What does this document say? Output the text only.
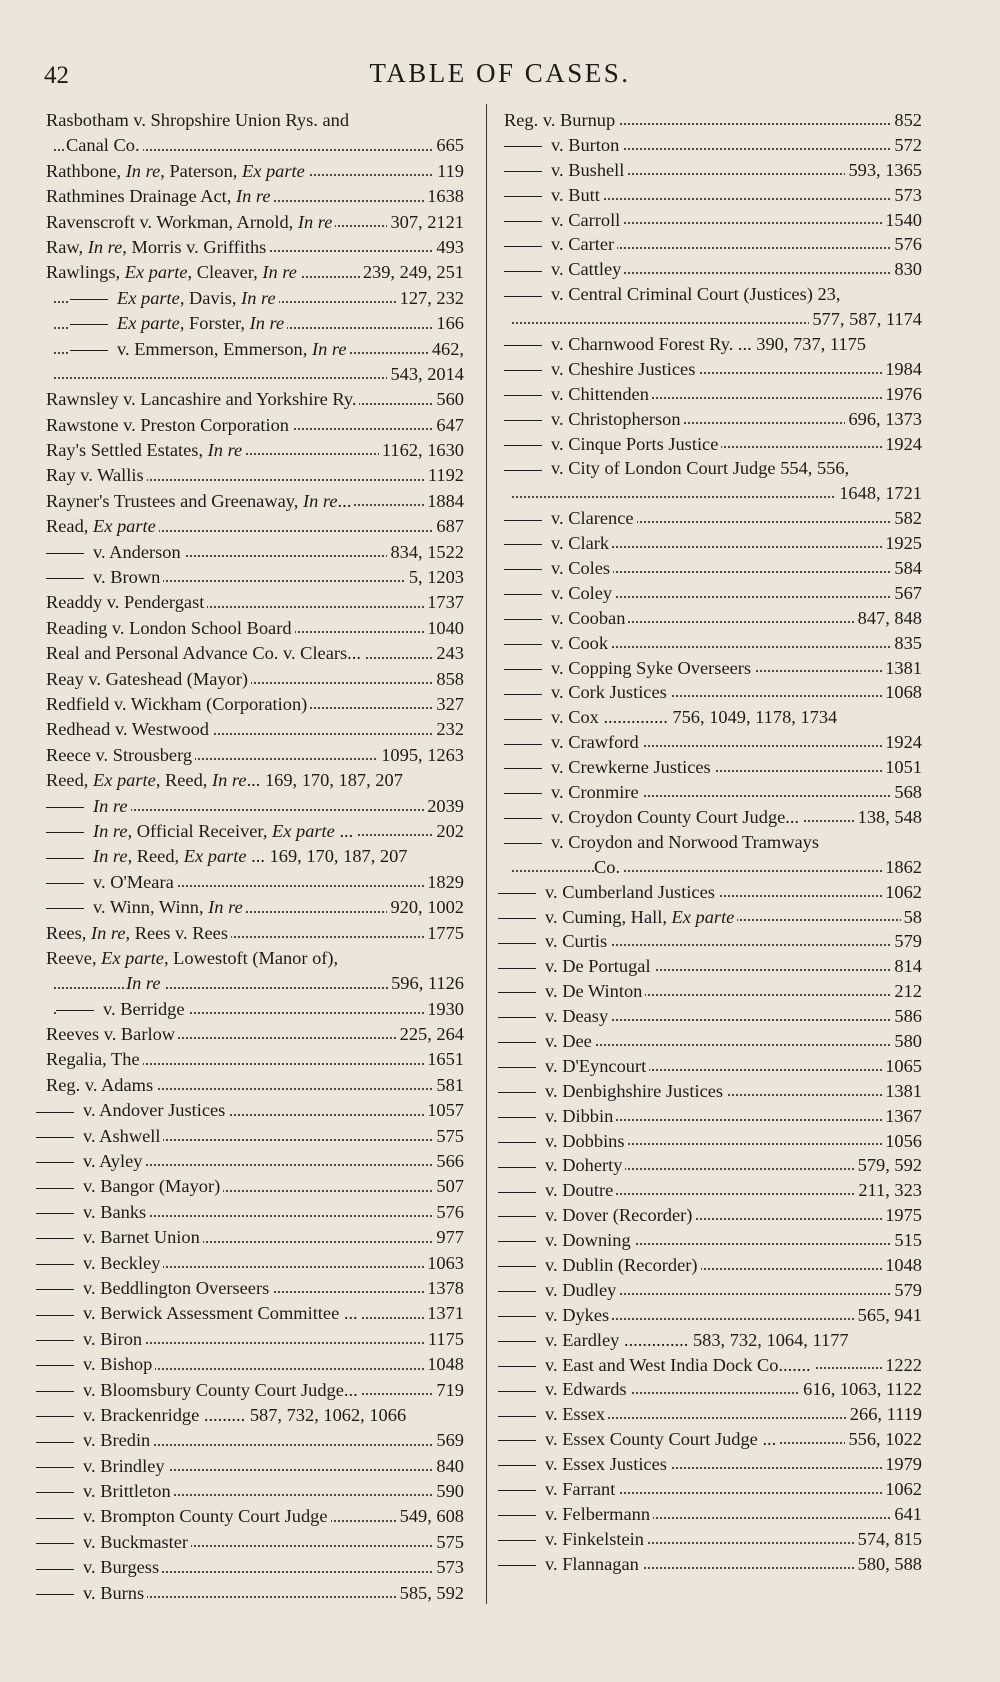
42	TABLE OF CASES.
Rasbotham v. Shropshire Union Rys. and
Canal Co.	665
Rathbone, In re, Paterson, Ex parte	119
Rathmines Drainage Act, In re	1638
Ravenscroft v. Workman, Arnold, In re	307, 2121
Raw, In re, Morris v. Griffiths	493
Rawlings, Ex parte, Cleaver, In re	239, 249, 251
Ex parte, Davis, In re	127, 232
Ex parte, Forster, In re	166
v. Emmerson, Emmerson, In re	462,
543, 2014
Rawnsley v. Lancashire and Yorkshire Ry.	560
Rawstone v. Preston Corporation	647
Ray's Settled Estates, In re	1162, 1630
Ray v. Wallis	1192
Rayner's Trustees and Greenaway, In re...	1884
Read, Ex parte	687
v. Anderson	834, 1522
v. Brown	5, 1203
Readdy v. Pendergast	1737
Reading v. London School Board	1040
Real and Personal Advance Co. v. Clears...	243
Reay v. Gateshead (Mayor)	858
Redfield v. Wickham (Corporation)	327
Redhead v. Westwood	232
Reece v. Strousberg	1095, 1263
Reed, Ex parte, Reed, In re... 169, 170, 187, 207
In re	2039
In re, Official Receiver, Ex parte ...	202
In re, Reed, Ex parte ... 169, 170, 187, 207
v. O'Meara	1829
v. Winn, Winn, In re	920, 1002
Rees, In re, Rees v. Rees	1775
Reeve, Ex parte, Lowestoft (Manor of),
In re	596, 1126
v. Berridge	1930
Reeves v. Barlow	225, 264
Regalia, The	1651
Reg. v. Adams	581
v. Andover Justices	1057
v. Ashwell	575
v. Ayley	566
v. Bangor (Mayor)	507
v. Banks	576
v. Barnet Union	977
v. Beckley	1063
v. Beddlington Overseers	1378
v. Berwick Assessment Committee ...	1371
v. Biron	1175
v. Bishop	1048
v. Bloomsbury County Court Judge...	719
v. Brackenridge ......... 587, 732, 1062, 1066
v. Bredin	569
v. Brindley	840
v. Brittleton	590
v. Brompton County Court Judge	549, 608
v. Buckmaster	575
v. Burgess	573
v. Burns	585, 592
Reg. v. Burnup	852
v. Burton	572
v. Bushell	593, 1365
v. Butt	573
v. Carroll	1540
v. Carter	576
v. Cattley	830
v. Central Criminal Court (Justices) 23,
577, 587, 1174
v. Charnwood Forest Ry. ... 390, 737, 1175
v. Cheshire Justices	1984
v. Chittenden	1976
v. Christopherson	696, 1373
v. Cinque Ports Justice	1924
v. City of London Court Judge 554, 556,
1648, 1721
v. Clarence	582
v. Clark	1925
v. Coles	584
v. Coley	567
v. Cooban	847, 848
v. Cook	835
v. Copping Syke Overseers	1381
v. Cork Justices	1068
v. Cox .............. 756, 1049, 1178, 1734
v. Crawford	1924
v. Crewkerne Justices	1051
v. Cronmire	568
v. Croydon County Court Judge...	138, 548
v. Croydon and Norwood Tramways
Co.	1862
v. Cumberland Justices	1062
v. Cuming, Hall, Ex parte	58
v. Curtis	579
v. De Portugal	814
v. De Winton	212
v. Deasy	586
v. Dee	580
v. D'Eyncourt	1065
v. Denbighshire Justices	1381
v. Dibbin	1367
v. Dobbins	1056
v. Doherty	579, 592
v. Doutre	211, 323
v. Dover (Recorder)	1975
v. Downing	515
v. Dublin (Recorder)	1048
v. Dudley	579
v. Dykes	565, 941
v. Eardley .............. 583, 732, 1064, 1177
v. East and West India Dock Co.......	1222
v. Edwards	616, 1063, 1122
v. Essex	266, 1119
v. Essex County Court Judge ...	556, 1022
v. Essex Justices	1979
v. Farrant	1062
v. Felbermann	641
v. Finkelstein	574, 815
v. Flannagan	580, 588
